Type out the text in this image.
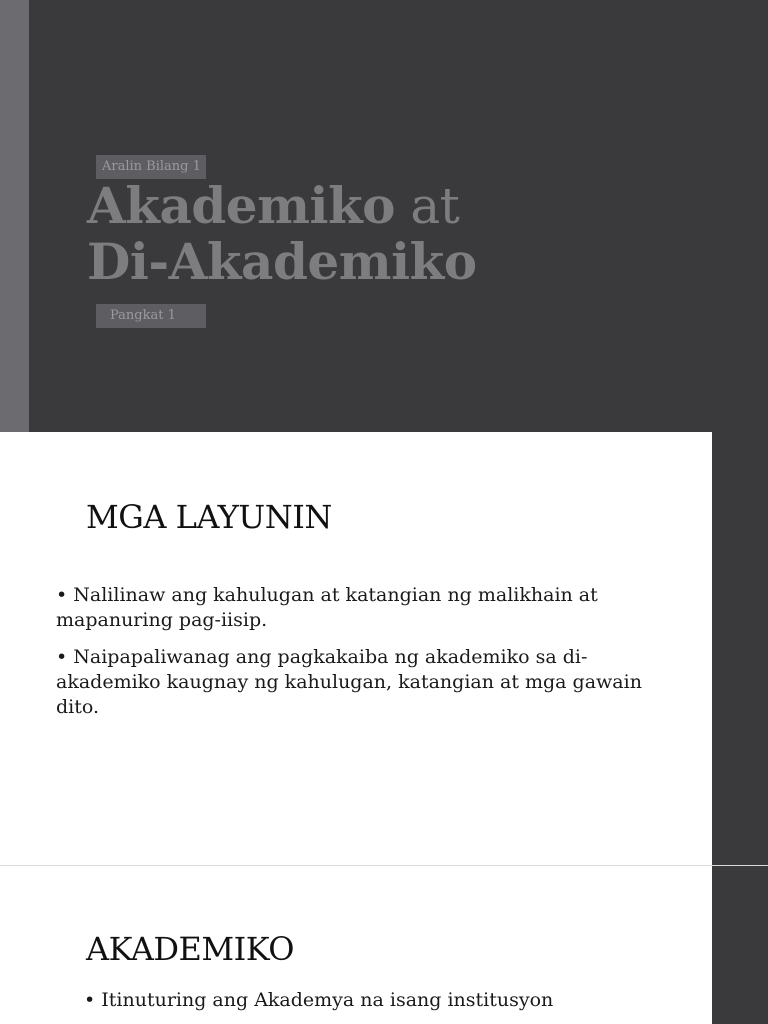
Aralin Bilang 1
Akademiko at
Di-Akademiko
Pangkat 1
MGA LAYUNIN
• Nalilinaw ang kahulugan at katangian ng malikhain at mapanuring pag-iisip.
• Naipapaliwanag ang pagkakaiba ng akademiko sa di-akademiko kaugnay ng kahulugan, katangian at mga gawain dito.
AKADEMIKO
• Itinuturing ang Akademya na isang institusyon
